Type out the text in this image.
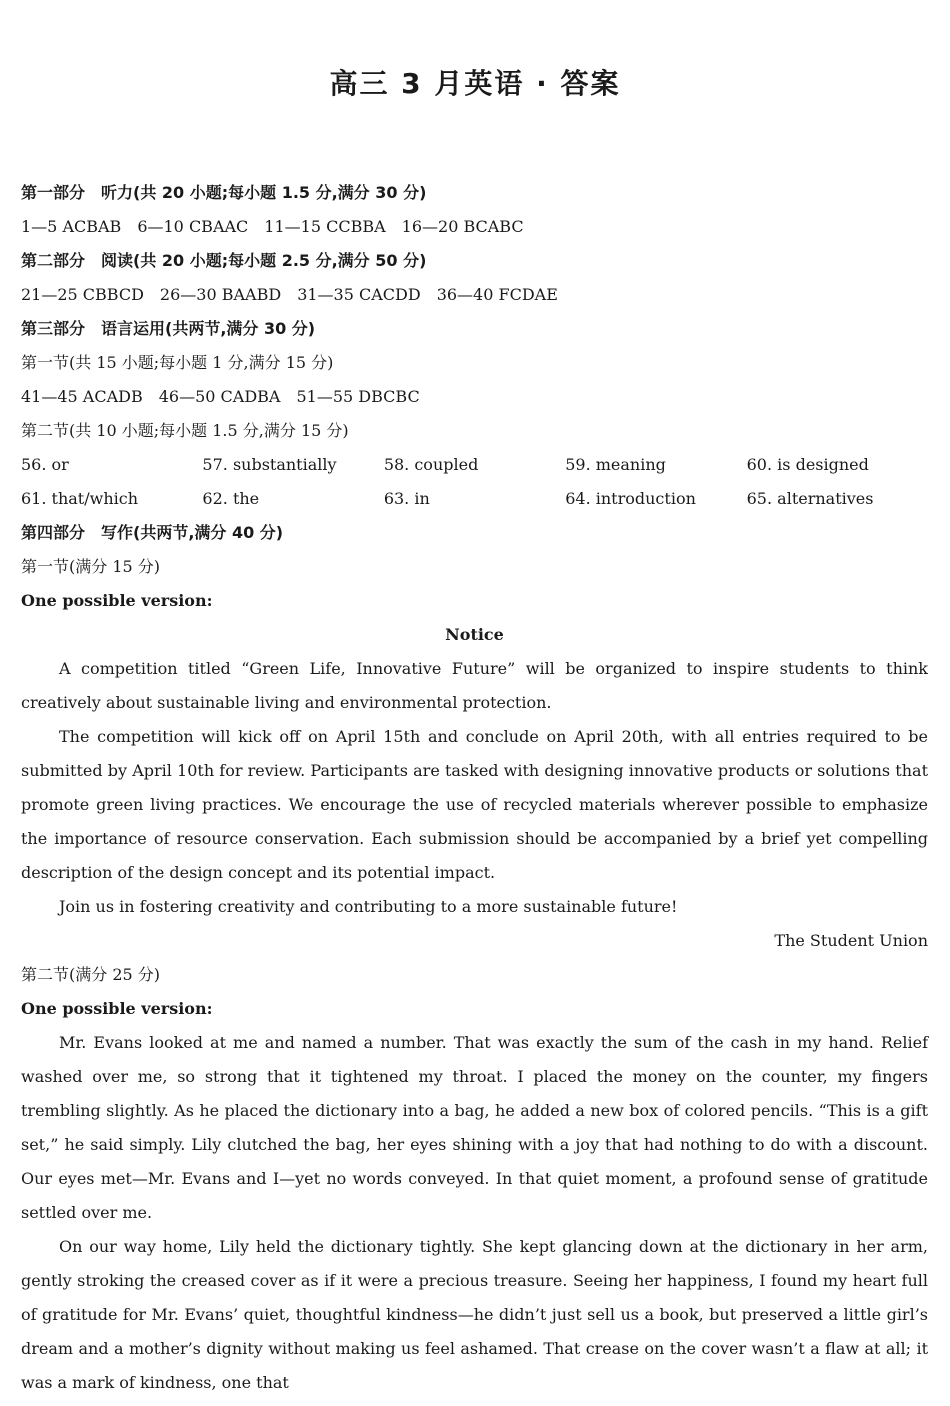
高三 3 月英语 · 答案
第一部分　听力(共 20 小题;每小题 1.5 分,满分 30 分)
1—5 ACBAB　6—10 CBAAC　11—15 CCBBA　16—20 BCABC
第二部分　阅读(共 20 小题;每小题 2.5 分,满分 50 分)
21—25 CBBCD　26—30 BAABD　31—35 CACDD　36—40 FCDAE
第三部分　语言运用(共两节,满分 30 分)
第一节(共 15 小题;每小题 1 分,满分 15 分)
41—45 ACADB　46—50 CADBA　51—55 DBCBC
第二节(共 10 小题;每小题 1.5 分,满分 15 分)
56. or	57. substantially	58. coupled	59. meaning	60. is designed
61. that/which	62. the	63. in	64. introduction	65. alternatives
第四部分　写作(共两节,满分 40 分)
第一节(满分 15 分)
One possible version:
Notice

A competition titled “Green Life, Innovative Future” will be organized to inspire students to think creatively about sustainable living and environmental protection.

The competition will kick off on April 15th and conclude on April 20th, with all entries required to be submitted by April 10th for review. Participants are tasked with designing innovative products or solutions that promote green living practices. We encourage the use of recycled materials wherever possible to emphasize the importance of resource conservation. Each submission should be accompanied by a brief yet compelling description of the design concept and its potential impact.

Join us in fostering creativity and contributing to a more sustainable future!

The Student Union
第二节(满分 25 分)
One possible version:

Mr. Evans looked at me and named a number. That was exactly the sum of the cash in my hand. Relief washed over me, so strong that it tightened my throat. I placed the money on the counter, my fingers trembling slightly. As he placed the dictionary into a bag, he added a new box of colored pencils. “This is a gift set,” he said simply. Lily clutched the bag, her eyes shining with a joy that had nothing to do with a discount. Our eyes met—Mr. Evans and I—yet no words conveyed. In that quiet moment, a profound sense of gratitude settled over me.

On our way home, Lily held the dictionary tightly. She kept glancing down at the dictionary in her arm, gently stroking the creased cover as if it were a precious treasure. Seeing her happiness, I found my heart full of gratitude for Mr. Evans’ quiet, thoughtful kindness—he didn’t just sell us a book, but preserved a little girl’s dream and a mother’s dignity without making us feel ashamed. That crease on the cover wasn’t a flaw at all; it was a mark of kindness, one that
